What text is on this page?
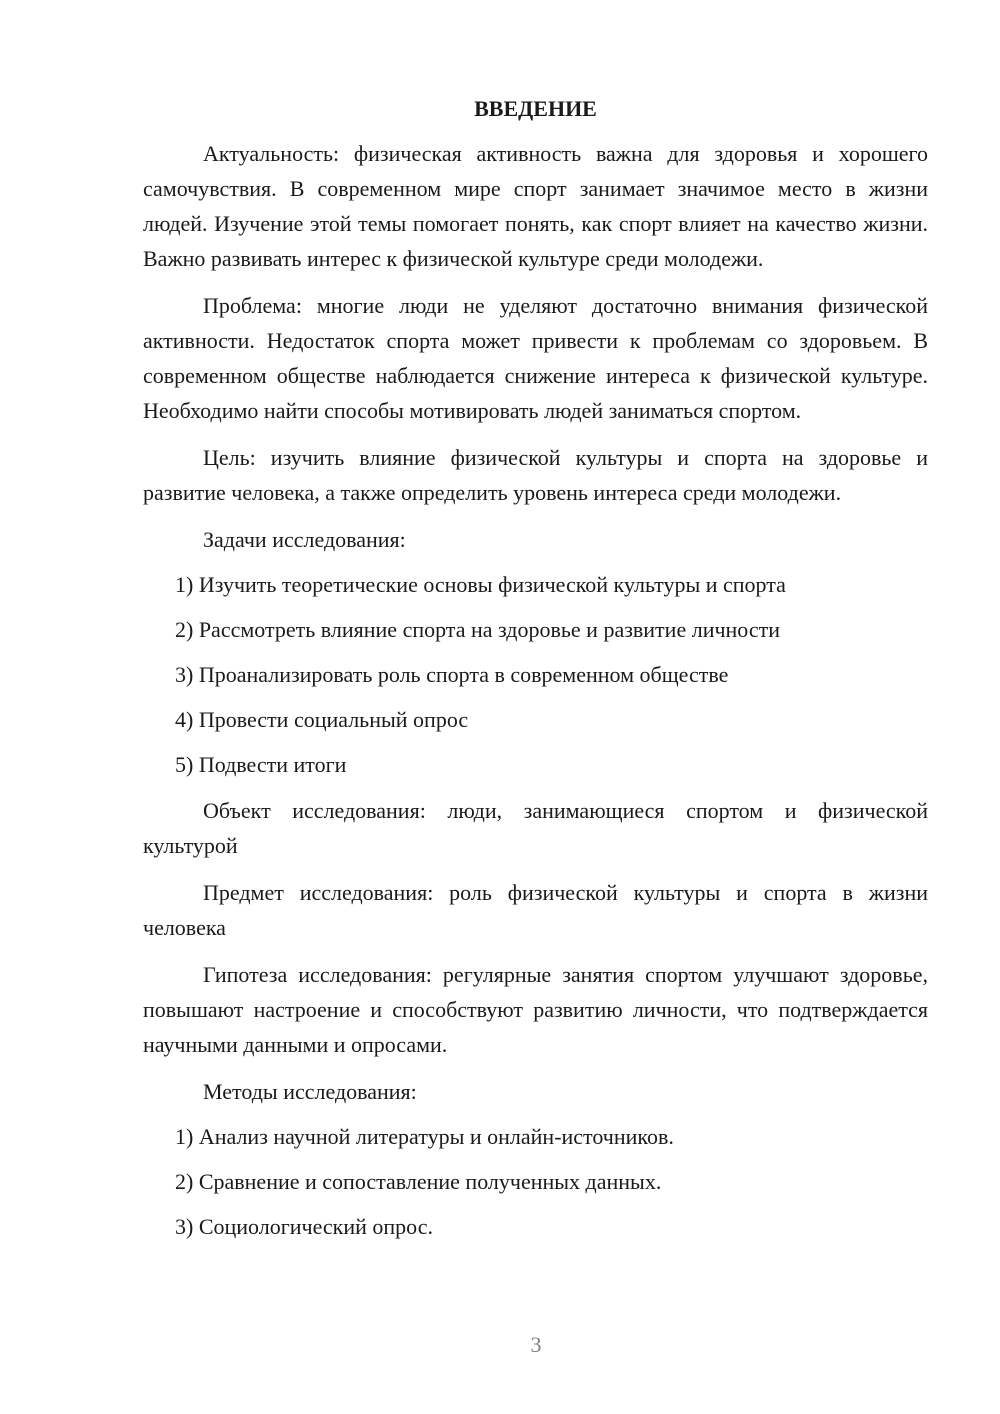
ВВЕДЕНИЕ

Актуальность: физическая активность важна для здоровья и хорошего самочувствия. В современном мире спорт занимает значимое место в жизни людей. Изучение этой темы помогает понять, как спорт влияет на качество жизни. Важно развивать интерес к физической культуре среди молодежи.

Проблема: многие люди не уделяют достаточно внимания физической активности. Недостаток спорта может привести к проблемам со здоровьем. В современном обществе наблюдается снижение интереса к физической культуре. Необходимо найти способы мотивировать людей заниматься спортом.

Цель: изучить влияние физической культуры и спорта на здоровье и развитие человека, а также определить уровень интереса среди молодежи.

Задачи исследования:
1) Изучить теоретические основы физической культуры и спорта
2) Рассмотреть влияние спорта на здоровье и развитие личности
3) Проанализировать роль спорта в современном обществе
4) Провести социальный опрос
5) Подвести итоги

Объект исследования: люди, занимающиеся спортом и физической культурой

Предмет исследования: роль физической культуры и спорта в жизни человека

Гипотеза исследования: регулярные занятия спортом улучшают здоровье, повышают настроение и способствуют развитию личности, что подтверждается научными данными и опросами.

Методы исследования:
1) Анализ научной литературы и онлайн-источников.
2) Сравнение и сопоставление полученных данных.
3) Социологический опрос.
3
